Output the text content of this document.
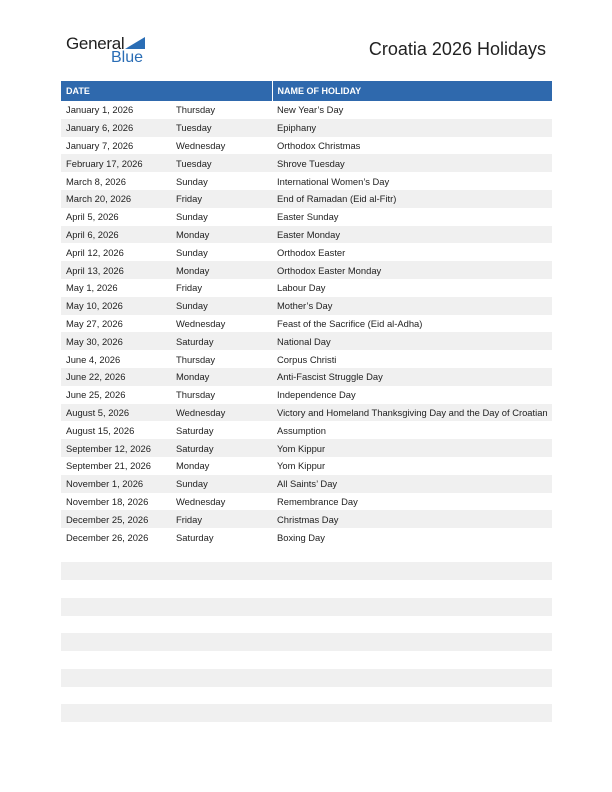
General
Blue	Croatia 2026 Holidays
DATE		NAME OF HOLIDAY
January 1, 2026	Thursday	New Year’s Day

January 6, 2026	Tuesday	Epiphany

January 7, 2026	Wednesday	Orthodox Christmas

February 17, 2026	Tuesday	Shrove Tuesday

March 8, 2026	Sunday	International Women’s Day

March 20, 2026	Friday	End of Ramadan (Eid al-Fitr)

April 5, 2026	Sunday	Easter Sunday

April 6, 2026	Monday	Easter Monday

April 12, 2026	Sunday	Orthodox Easter

April 13, 2026	Monday	Orthodox Easter Monday

May 1, 2026	Friday	Labour Day

May 10, 2026	Sunday	Mother’s Day

May 27, 2026	Wednesday	Feast of the Sacrifice (Eid al-Adha)

May 30, 2026	Saturday	National Day

June 4, 2026	Thursday	Corpus Christi

June 22, 2026	Monday	Anti-Fascist Struggle Day

June 25, 2026	Thursday	Independence Day

August 5, 2026	Wednesday	Victory and Homeland Thanksgiving Day and the Day of Croatian

August 15, 2026	Saturday	Assumption

September 12, 2026	Saturday	Yom Kippur

September 21, 2026	Monday	Yom Kippur

November 1, 2026	Sunday	All Saints’ Day

November 18, 2026	Wednesday	Remembrance Day

December 25, 2026	Friday	Christmas Day

December 26, 2026	Saturday	Boxing Day
